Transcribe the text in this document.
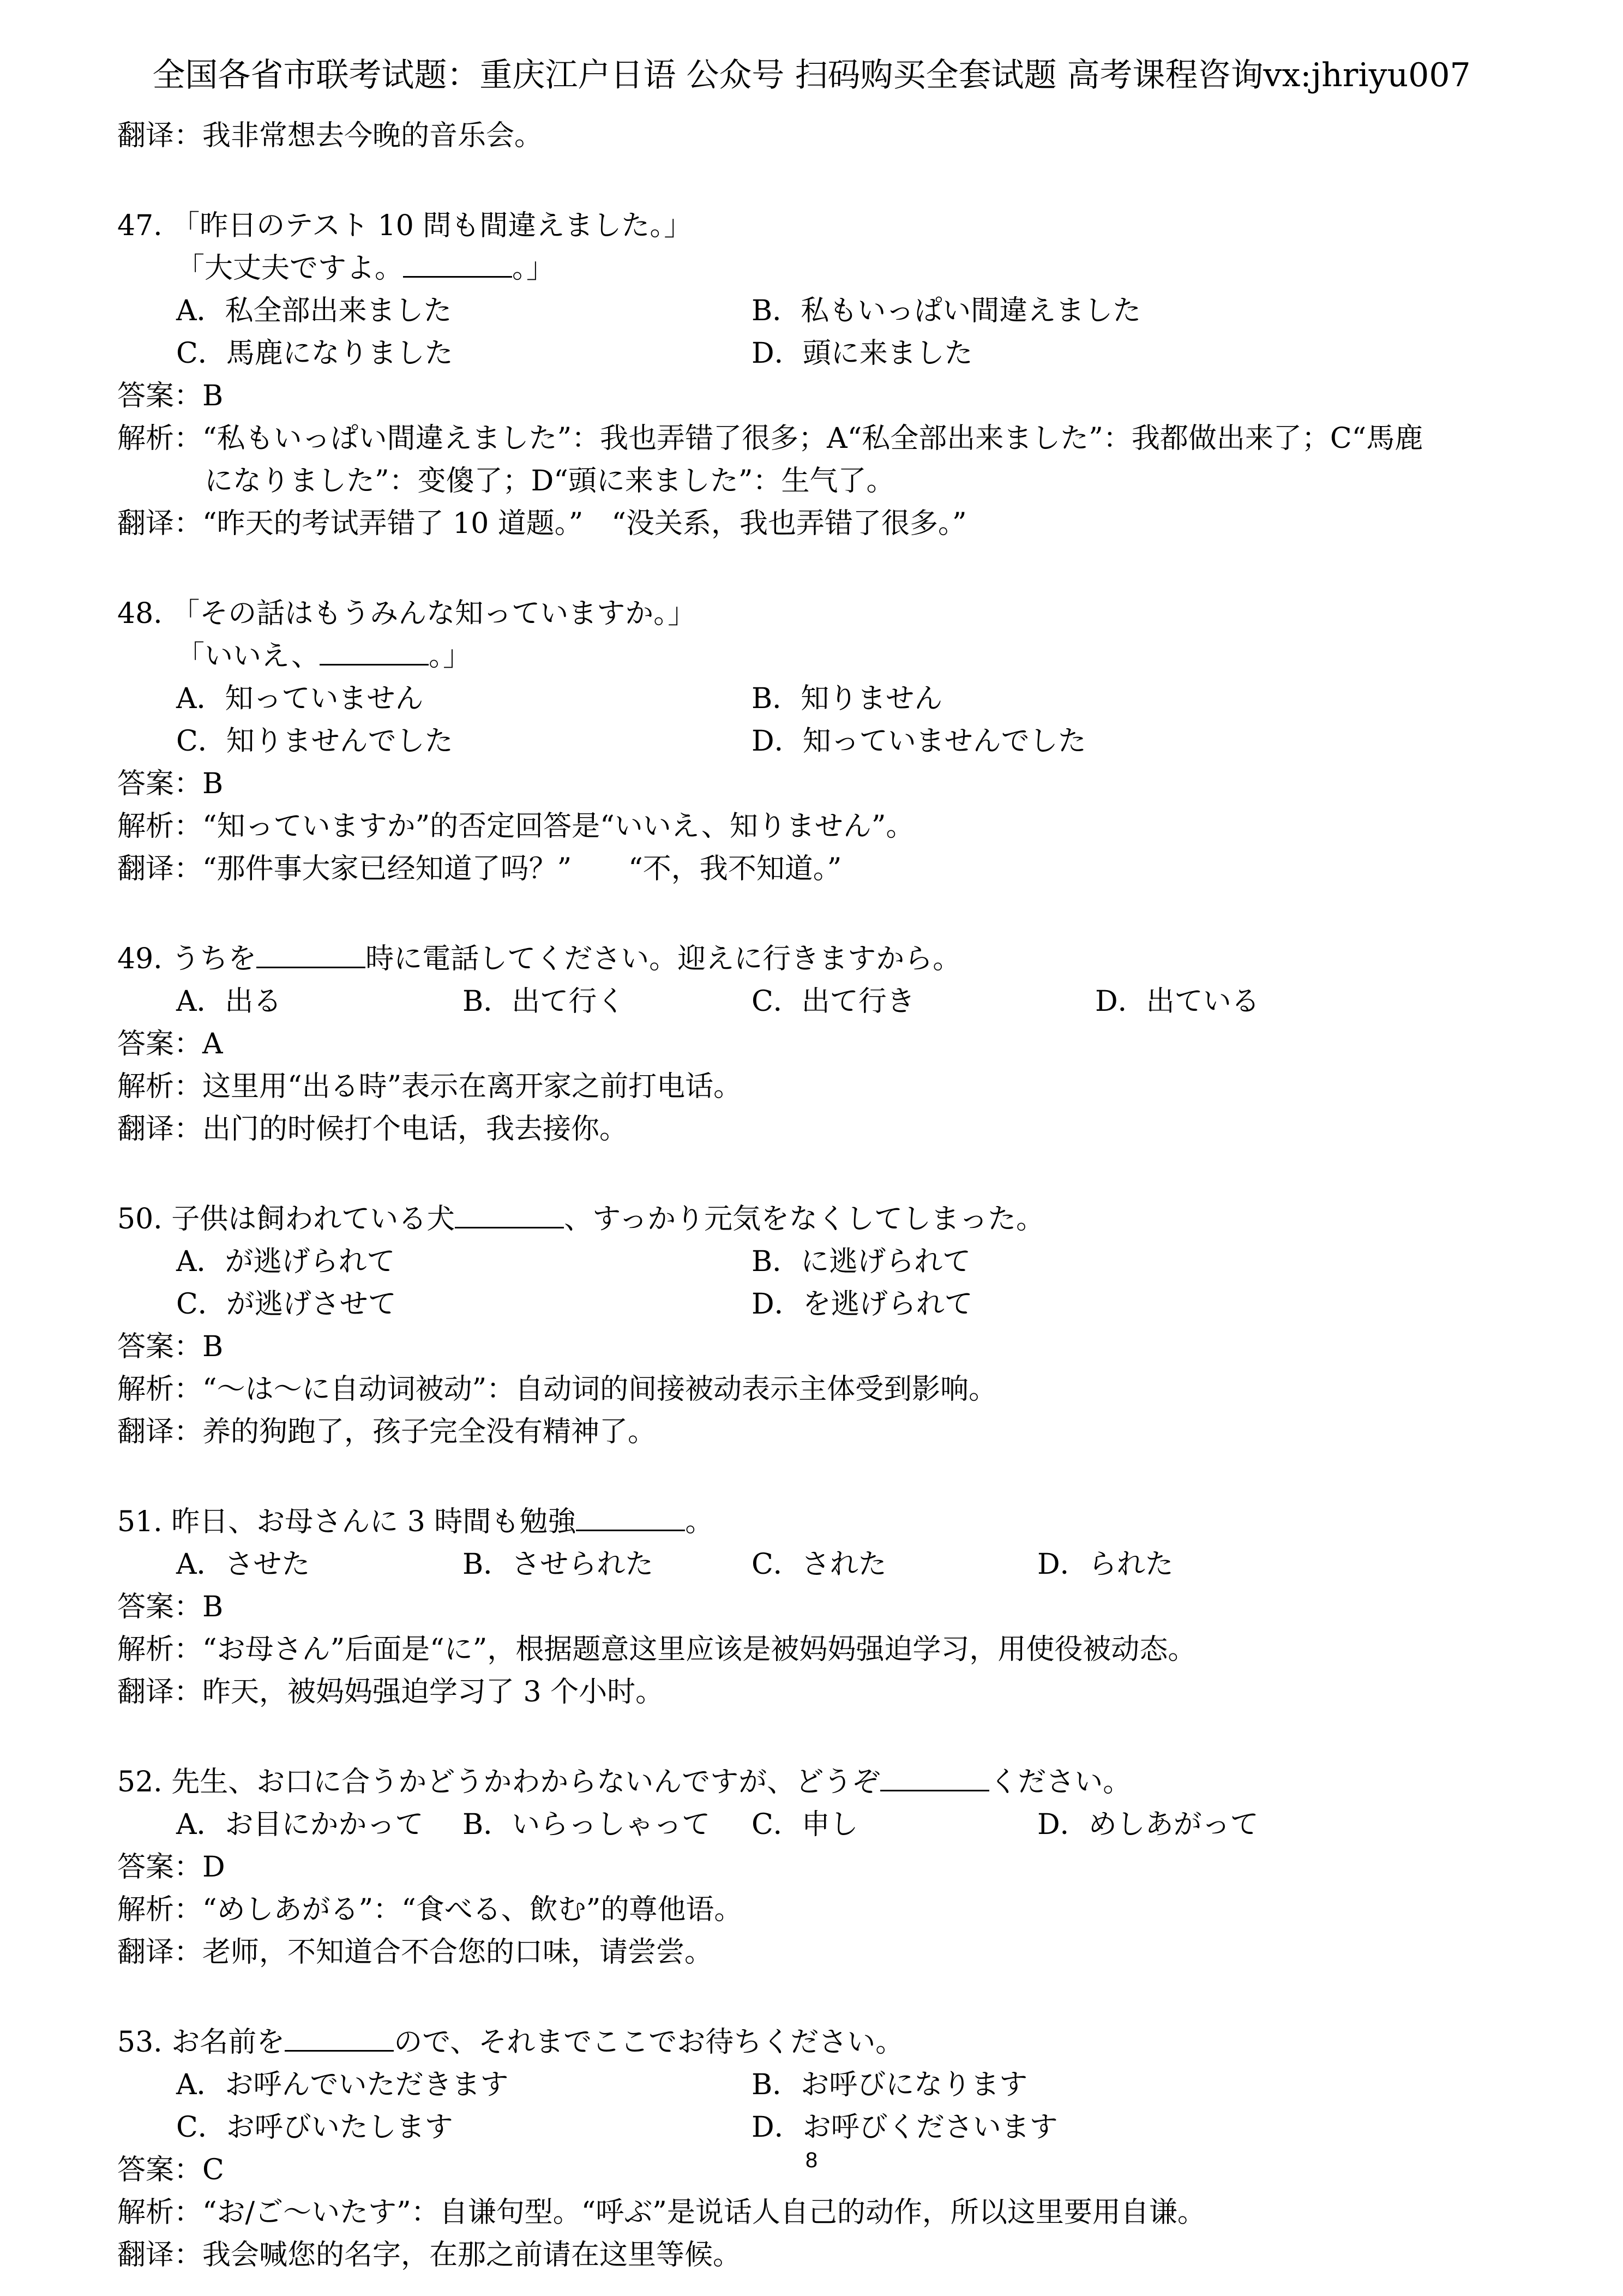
全国各省市联考试题：重庆江户日语 公众号 扫码购买全套试题 高考课程咨询vx:jhriyu007
翻译：我非常想去今晚的音乐会。
47. 「昨日のテスト 10 問も間違えました。」
「大丈夫ですよ。	。」
A．私全部出来ました	B．私もいっぱい間違えました
C．馬鹿になりました	D．頭に来ました
答案：B
解析：“私もいっぱい間違えました”：我也弄错了很多；A“私全部出来ました”：我都做出来了；C“馬鹿
になりました”：变傻了；D“頭に来ました”：生气了。
翻译：“昨天的考试弄错了 10 道题。”　“没关系，我也弄错了很多。”
48. 「その話はもうみんな知っていますか。」
「いいえ、	。」
A．知っていません	B．知りません
C．知りませんでした	D．知っていませんでした
答案：B
解析：“知っていますか”的否定回答是“いいえ、知りません”。
翻译：“那件事大家已经知道了吗？”　　“不，我不知道。”
49. うちを	時に電話してください。迎えに行きますから。
A．出る	B．出て行く	C．出て行き	D．出ている
答案：A
解析：这里用“出る時”表示在离开家之前打电话。
翻译：出门的时候打个电话，我去接你。
50. 子供は飼われている犬	、すっかり元気をなくしてしまった。
A．が逃げられて	B．に逃げられて
C．が逃げさせて	D．を逃げられて
答案：B
解析：“～は～に自动词被动”：自动词的间接被动表示主体受到影响。
翻译：养的狗跑了，孩子完全没有精神了。
51. 昨日、お母さんに 3 時間も勉強	。
A．させた	B．させられた	C．された	D．られた
答案：B
解析：“お母さん”后面是“に”，根据题意这里应该是被妈妈强迫学习，用使役被动态。
翻译：昨天，被妈妈强迫学习了 3 个小时。
52. 先生、お口に合うかどうかわからないんですが、どうぞ	ください。
A．お目にかかって B．いらっしゃって C．申し	D．めしあがって
答案：D
解析：“めしあがる”：“食べる、飲む”的尊他语。
翻译：老师，不知道合不合您的口味，请尝尝。
53. お名前を	ので、それまでここでお待ちください。
A．お呼んでいただきます	B．お呼びになります
C．お呼びいたします	D．お呼びくださいます
答案：C
解析：“お/ご～いたす”：自谦句型。“呼ぶ”是说话人自己的动作，所以这里要用自谦。
翻译：我会喊您的名字，在那之前请在这里等候。
8
